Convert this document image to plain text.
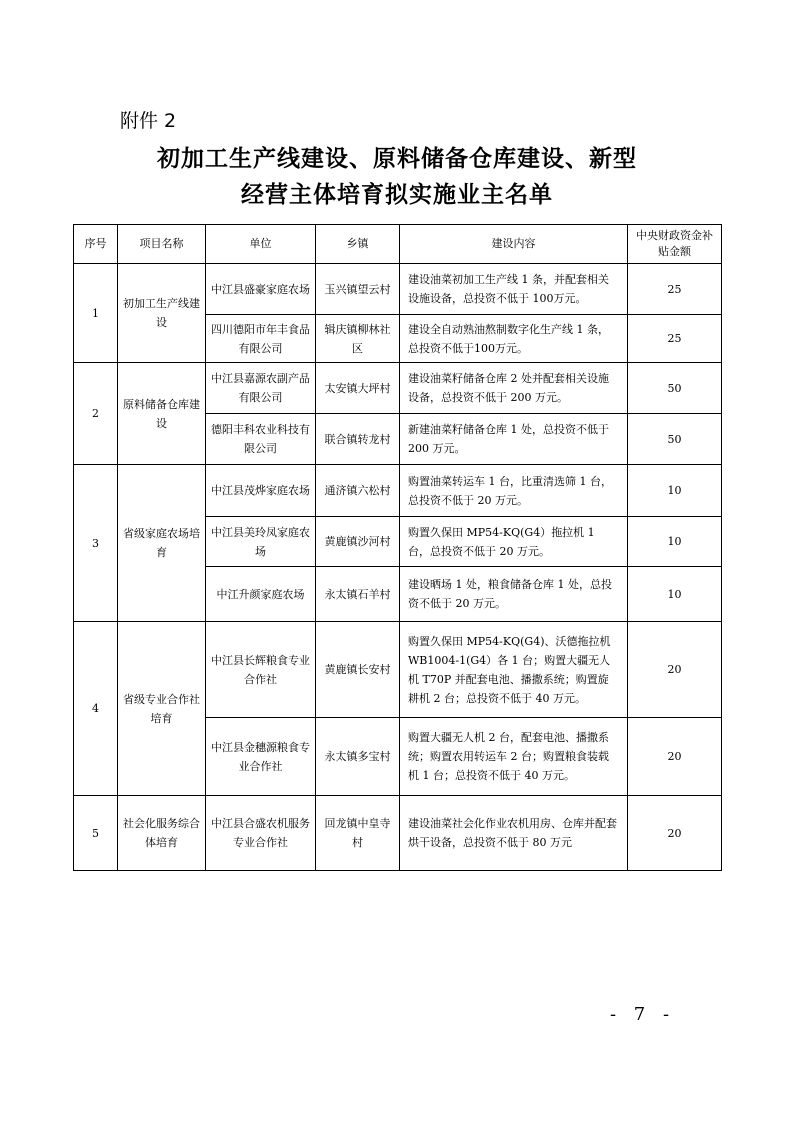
附件 2
初加工生产线建设、原料储备仓库建设、新型
经营主体培育拟实施业主名单
序号	项目名称	单位	乡镇	建设内容	中央财政资金补贴金额
1	初加工生产线建设	中江县盛豪家庭农场	玉兴镇望云村	建设油菜初加工生产线 1 条，并配套相关设施设备，总投资不低于 100万元。	25
		四川德阳市年丰食品有限公司	辑庆镇柳林社区	建设全自动熟油熬制数字化生产线 1 条，总投资不低于100万元。	25
2	原料储备仓库建设	中江县嘉源农副产品有限公司	太安镇大坪村	建设油菜籽储备仓库 2 处并配套相关设施设备，总投资不低于 200 万元。	50
		德阳丰科农业科技有限公司	联合镇转龙村	新建油菜籽储备仓库 1 处，总投资不低于 200 万元。	50
3	省级家庭农场培育	中江县茂烨家庭农场	通济镇六松村	购置油菜转运车 1 台，比重清选筛 1 台，总投资不低于 20 万元。	10
		中江县美玲凤家庭农场	黄鹿镇沙河村	购置久保田 MP54-KQ(G4）拖拉机 1 台，总投资不低于 20 万元。	10
		中江升颜家庭农场	永太镇石羊村	建设晒场 1 处，粮食储备仓库 1 处，总投资不低于 20 万元。	10
4	省级专业合作社培育	中江县长辉粮食专业合作社	黄鹿镇长安村	购置久保田 MP54-KQ(G4)、沃德拖拉机 WB1004-1(G4）各 1 台；购置大疆无人机 T70P 并配套电池、播撒系统；购置旋耕机 2 台；总投资不低于 40 万元。	20
		中江县金穗源粮食专业合作社	永太镇多宝村	购置大疆无人机 2 台，配套电池、播撒系统；购置农用转运车 2 台；购置粮食装载机 1 台；总投资不低于 40 万元。	20
5	社会化服务综合体培育	中江县合盛农机服务专业合作社	回龙镇中皇寺村	建设油菜社会化作业农机用房、仓库并配套烘干设备，总投资不低于 80 万元	20
- 7 -
